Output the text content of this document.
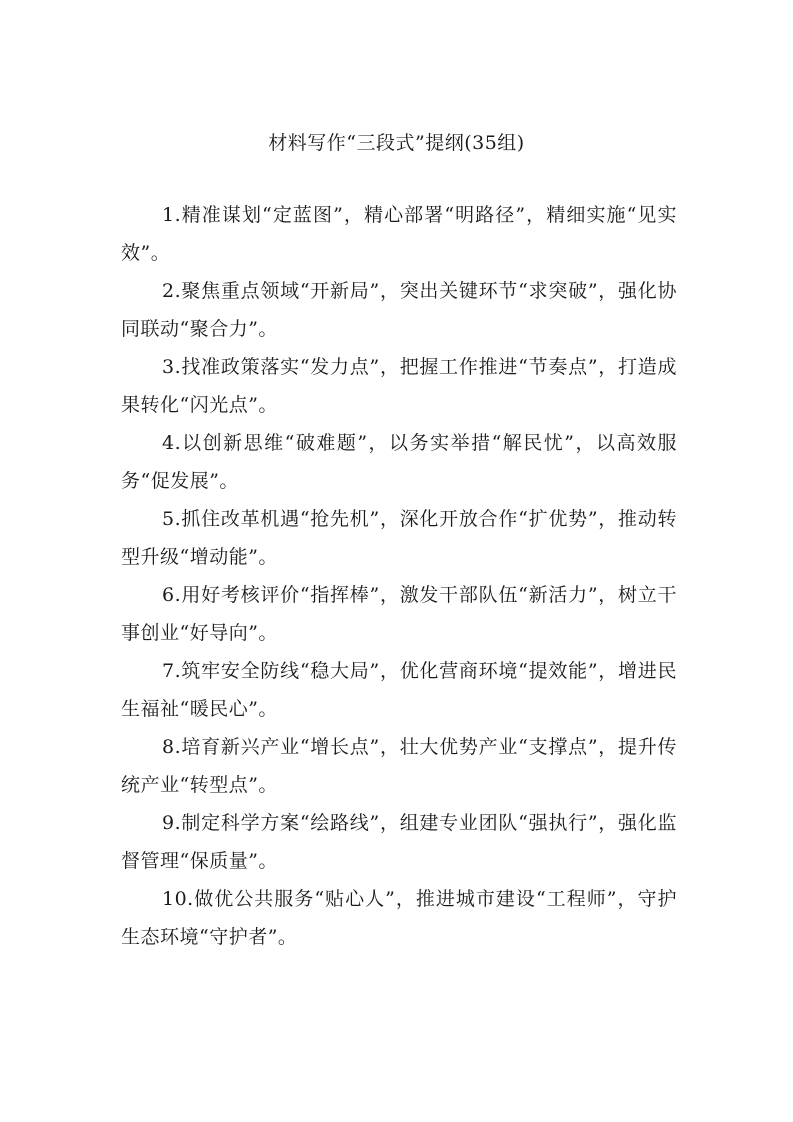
材料写作“三段式”提纲(35组)

1.精准谋划“定蓝图”，精心部署“明路径”，精细实施“见实效”。

2.聚焦重点领域“开新局”，突出关键环节“求突破”，强化协同联动“聚合力”。

3.找准政策落实“发力点”，把握工作推进“节奏点”，打造成果转化“闪光点”。

4.以创新思维“破难题”，以务实举措“解民忧”，以高效服务“促发展”。

5.抓住改革机遇“抢先机”，深化开放合作“扩优势”，推动转型升级“增动能”。

6.用好考核评价“指挥棒”，激发干部队伍“新活力”，树立干事创业“好导向”。

7.筑牢安全防线“稳大局”，优化营商环境“提效能”，增进民生福祉“暖民心”。

8.培育新兴产业“增长点”，壮大优势产业“支撑点”，提升传统产业“转型点”。

9.制定科学方案“绘路线”，组建专业团队“强执行”，强化监督管理“保质量”。

10.做优公共服务“贴心人”，推进城市建设“工程师”，守护生态环境“守护者”。
